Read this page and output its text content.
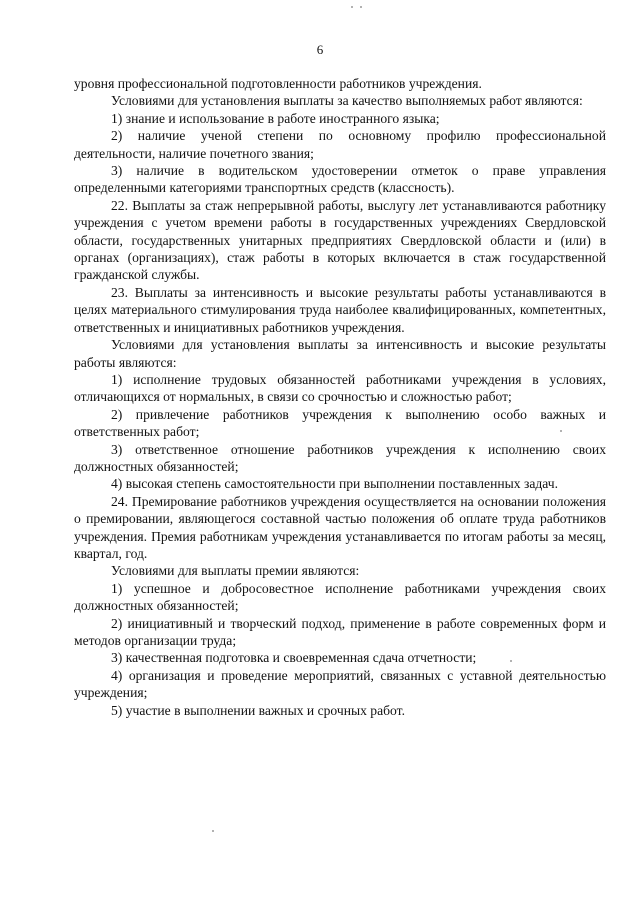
6

уровня профессиональной подготовленности работников учреждения.

Условиями для установления выплаты за качество выполняемых работ являются:

1) знание и использование в работе иностранного языка;

2) наличие ученой степени по основному профилю профессиональной деятельности, наличие почетного звания;

3) наличие в водительском удостоверении отметок о праве управления определенными категориями транспортных средств (классность).

22. Выплаты за стаж непрерывной работы, выслугу лет устанавливаются работнику учреждения с учетом времени работы в государственных учреждениях Свердловской области, государственных унитарных предприятиях Свердловской области и (или) в органах (организациях), стаж работы в которых включается в стаж государственной гражданской службы.

23. Выплаты за интенсивность и высокие результаты работы устанавливаются в целях материального стимулирования труда наиболее квалифицированных, компетентных, ответственных и инициативных работников учреждения.

Условиями для установления выплаты за интенсивность и высокие результаты работы являются:

1) исполнение трудовых обязанностей работниками учреждения в условиях, отличающихся от нормальных, в связи со срочностью и сложностью работ;

2) привлечение работников учреждения к выполнению особо важных и ответственных работ;

3) ответственное отношение работников учреждения к исполнению своих должностных обязанностей;

4) высокая степень самостоятельности при выполнении поставленных задач.

24. Премирование работников учреждения осуществляется на основании положения о премировании, являющегося составной частью положения об оплате труда работников учреждения. Премия работникам учреждения устанавливается по итогам работы за месяц, квартал, год.

Условиями для выплаты премии являются:

1) успешное и добросовестное исполнение работниками учреждения своих должностных обязанностей;

2) инициативный и творческий подход, применение в работе современных форм и методов организации труда;

3) качественная подготовка и своевременная сдача отчетности;

4) организация и проведение мероприятий, связанных с уставной деятельностью учреждения;

5) участие в выполнении важных и срочных работ.
